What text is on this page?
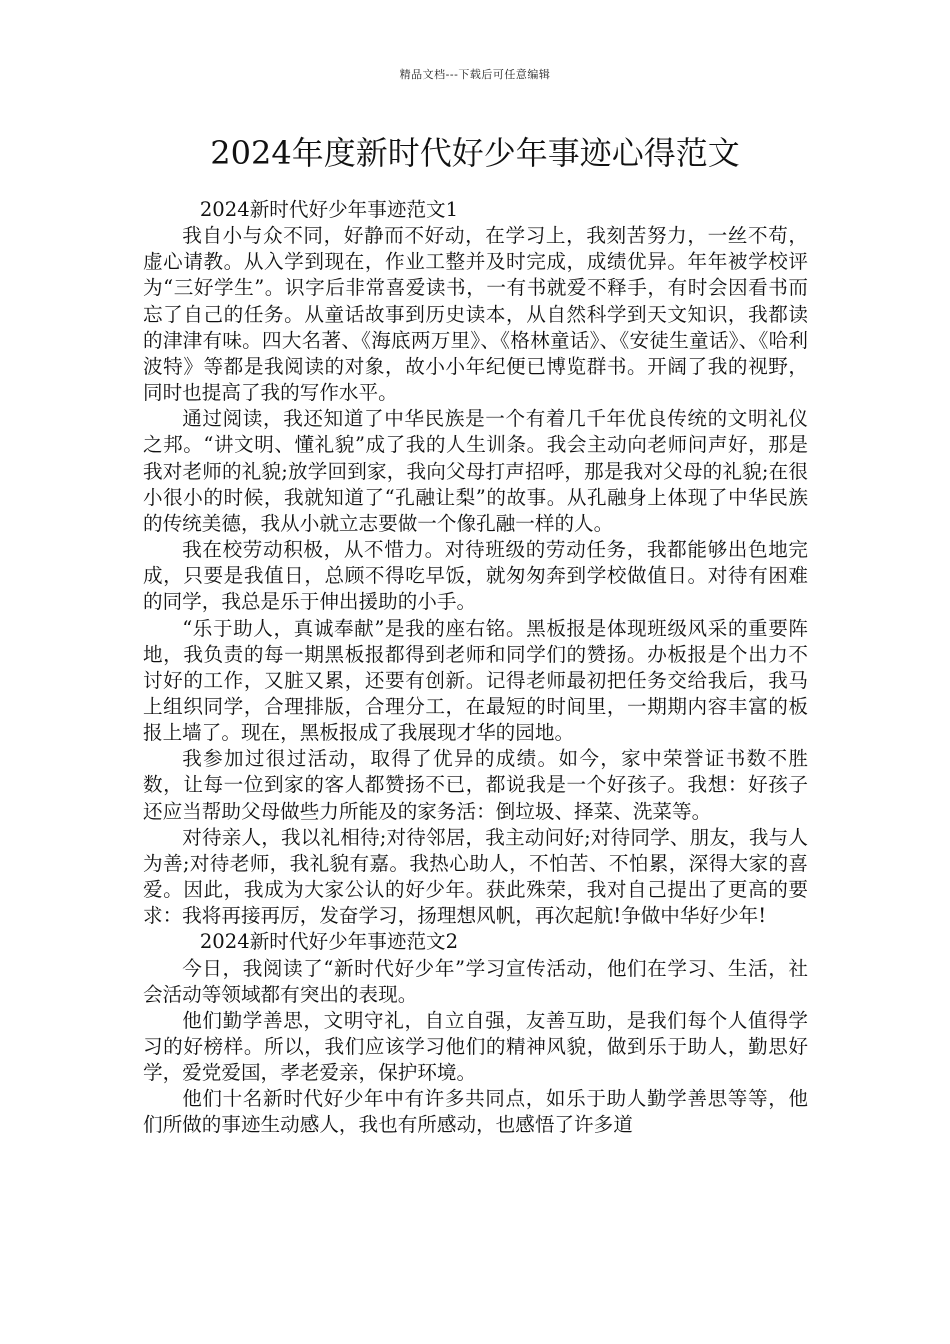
精品文档---下载后可任意编辑
2024年度新时代好少年事迹心得范文

2024新时代好少年事迹范文1

我自小与众不同，好静而不好动，在学习上，我刻苦努力，一丝不苟，虚心请教。从入学到现在，作业工整并及时完成，成绩优异。年年被学校评为“三好学生”。识字后非常喜爱读书，一有书就爱不释手，有时会因看书而忘了自己的任务。从童话故事到历史读本，从自然科学到天文知识，我都读的津津有味。四大名著、《海底两万里》、《格林童话》、《安徒生童话》、《哈利波特》等都是我阅读的对象，故小小年纪便已博览群书。开阔了我的视野，同时也提高了我的写作水平。

通过阅读，我还知道了中华民族是一个有着几千年优良传统的文明礼仪之邦。“讲文明、懂礼貌”成了我的人生训条。我会主动向老师问声好，那是我对老师的礼貌;放学回到家，我向父母打声招呼，那是我对父母的礼貌;在很小很小的时候，我就知道了“孔融让梨”的故事。从孔融身上体现了中华民族的传统美德，我从小就立志要做一个像孔融一样的人。

我在校劳动积极，从不惜力。对待班级的劳动任务，我都能够出色地完成，只要是我值日，总顾不得吃早饭，就匆匆奔到学校做值日。对待有困难的同学，我总是乐于伸出援助的小手。

“乐于助人，真诚奉献”是我的座右铭。黑板报是体现班级风采的重要阵地，我负责的每一期黑板报都得到老师和同学们的赞扬。办板报是个出力不讨好的工作，又脏又累，还要有创新。记得老师最初把任务交给我后，我马上组织同学，合理排版，合理分工，在最短的时间里，一期期内容丰富的板报上墙了。现在，黑板报成了我展现才华的园地。

我参加过很过活动，取得了优异的成绩。如今，家中荣誉证书数不胜数，让每一位到家的客人都赞扬不已，都说我是一个好孩子。我想：好孩子还应当帮助父母做些力所能及的家务活：倒垃圾、择菜、洗菜等。

对待亲人，我以礼相待;对待邻居，我主动问好;对待同学、朋友，我与人为善;对待老师，我礼貌有嘉。我热心助人，不怕苦、不怕累，深得大家的喜爱。因此，我成为大家公认的好少年。获此殊荣，我对自己提出了更高的要求：我将再接再厉，发奋学习，扬理想风帆，再次起航!争做中华好少年!

2024新时代好少年事迹范文2

今日，我阅读了“新时代好少年”学习宣传活动，他们在学习、生活，社会活动等领域都有突出的表现。

他们勤学善思，文明守礼，自立自强，友善互助，是我们每个人值得学习的好榜样。所以，我们应该学习他们的精神风貌，做到乐于助人，勤思好学，爱党爱国，孝老爱亲，保护环境。

他们十名新时代好少年中有许多共同点，如乐于助人勤学善思等等，他们所做的事迹生动感人，我也有所感动，也感悟了许多道
